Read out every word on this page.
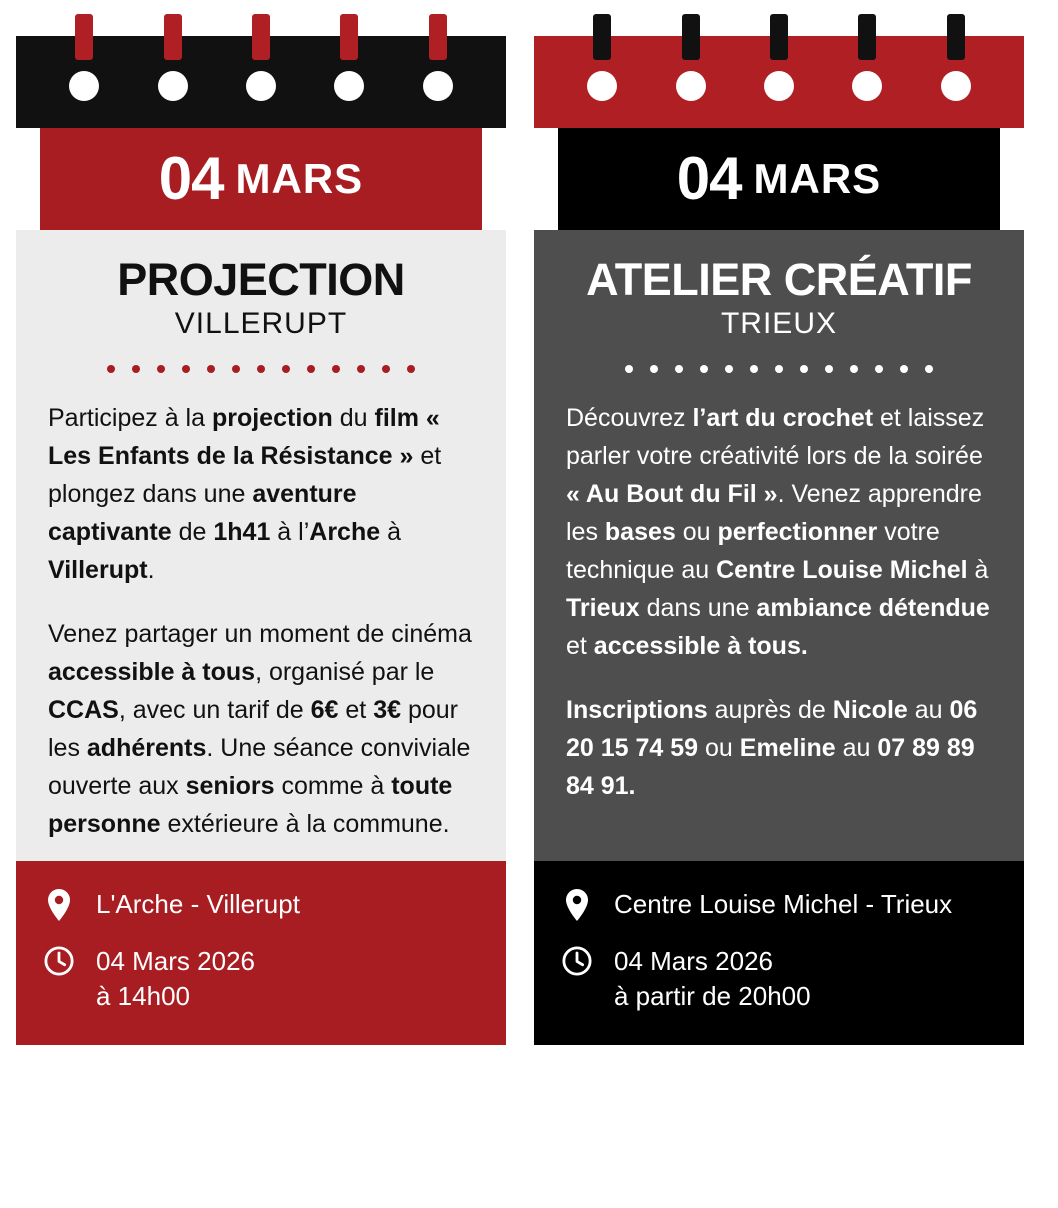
04 MARS
PROJECTION
VILLERUPT

Participez à la projection du film « Les Enfants de la Résistance » et plongez dans une aventure captivante de 1h41 à l’Arche à Villerupt.

Venez partager un moment de cinéma accessible à tous, organisé par le CCAS, avec un tarif de 6€ et 3€ pour les adhérents. Une séance conviviale ouverte aux seniors comme à toute personne extérieure à la commune.

L'Arche - Villerupt
04 Mars 2026
à 14h00
04 MARS
ATELIER CRÉATIF
TRIEUX

Découvrez l’art du crochet et laissez parler votre créativité lors de la soirée « Au Bout du Fil ». Venez apprendre les bases ou perfectionner votre technique au Centre Louise Michel à Trieux dans une ambiance détendue et accessible à tous.

Inscriptions auprès de Nicole au 06 20 15 74 59 ou Emeline au 07 89 89 84 91.

Centre Louise Michel - Trieux
04 Mars 2026
à partir de 20h00
